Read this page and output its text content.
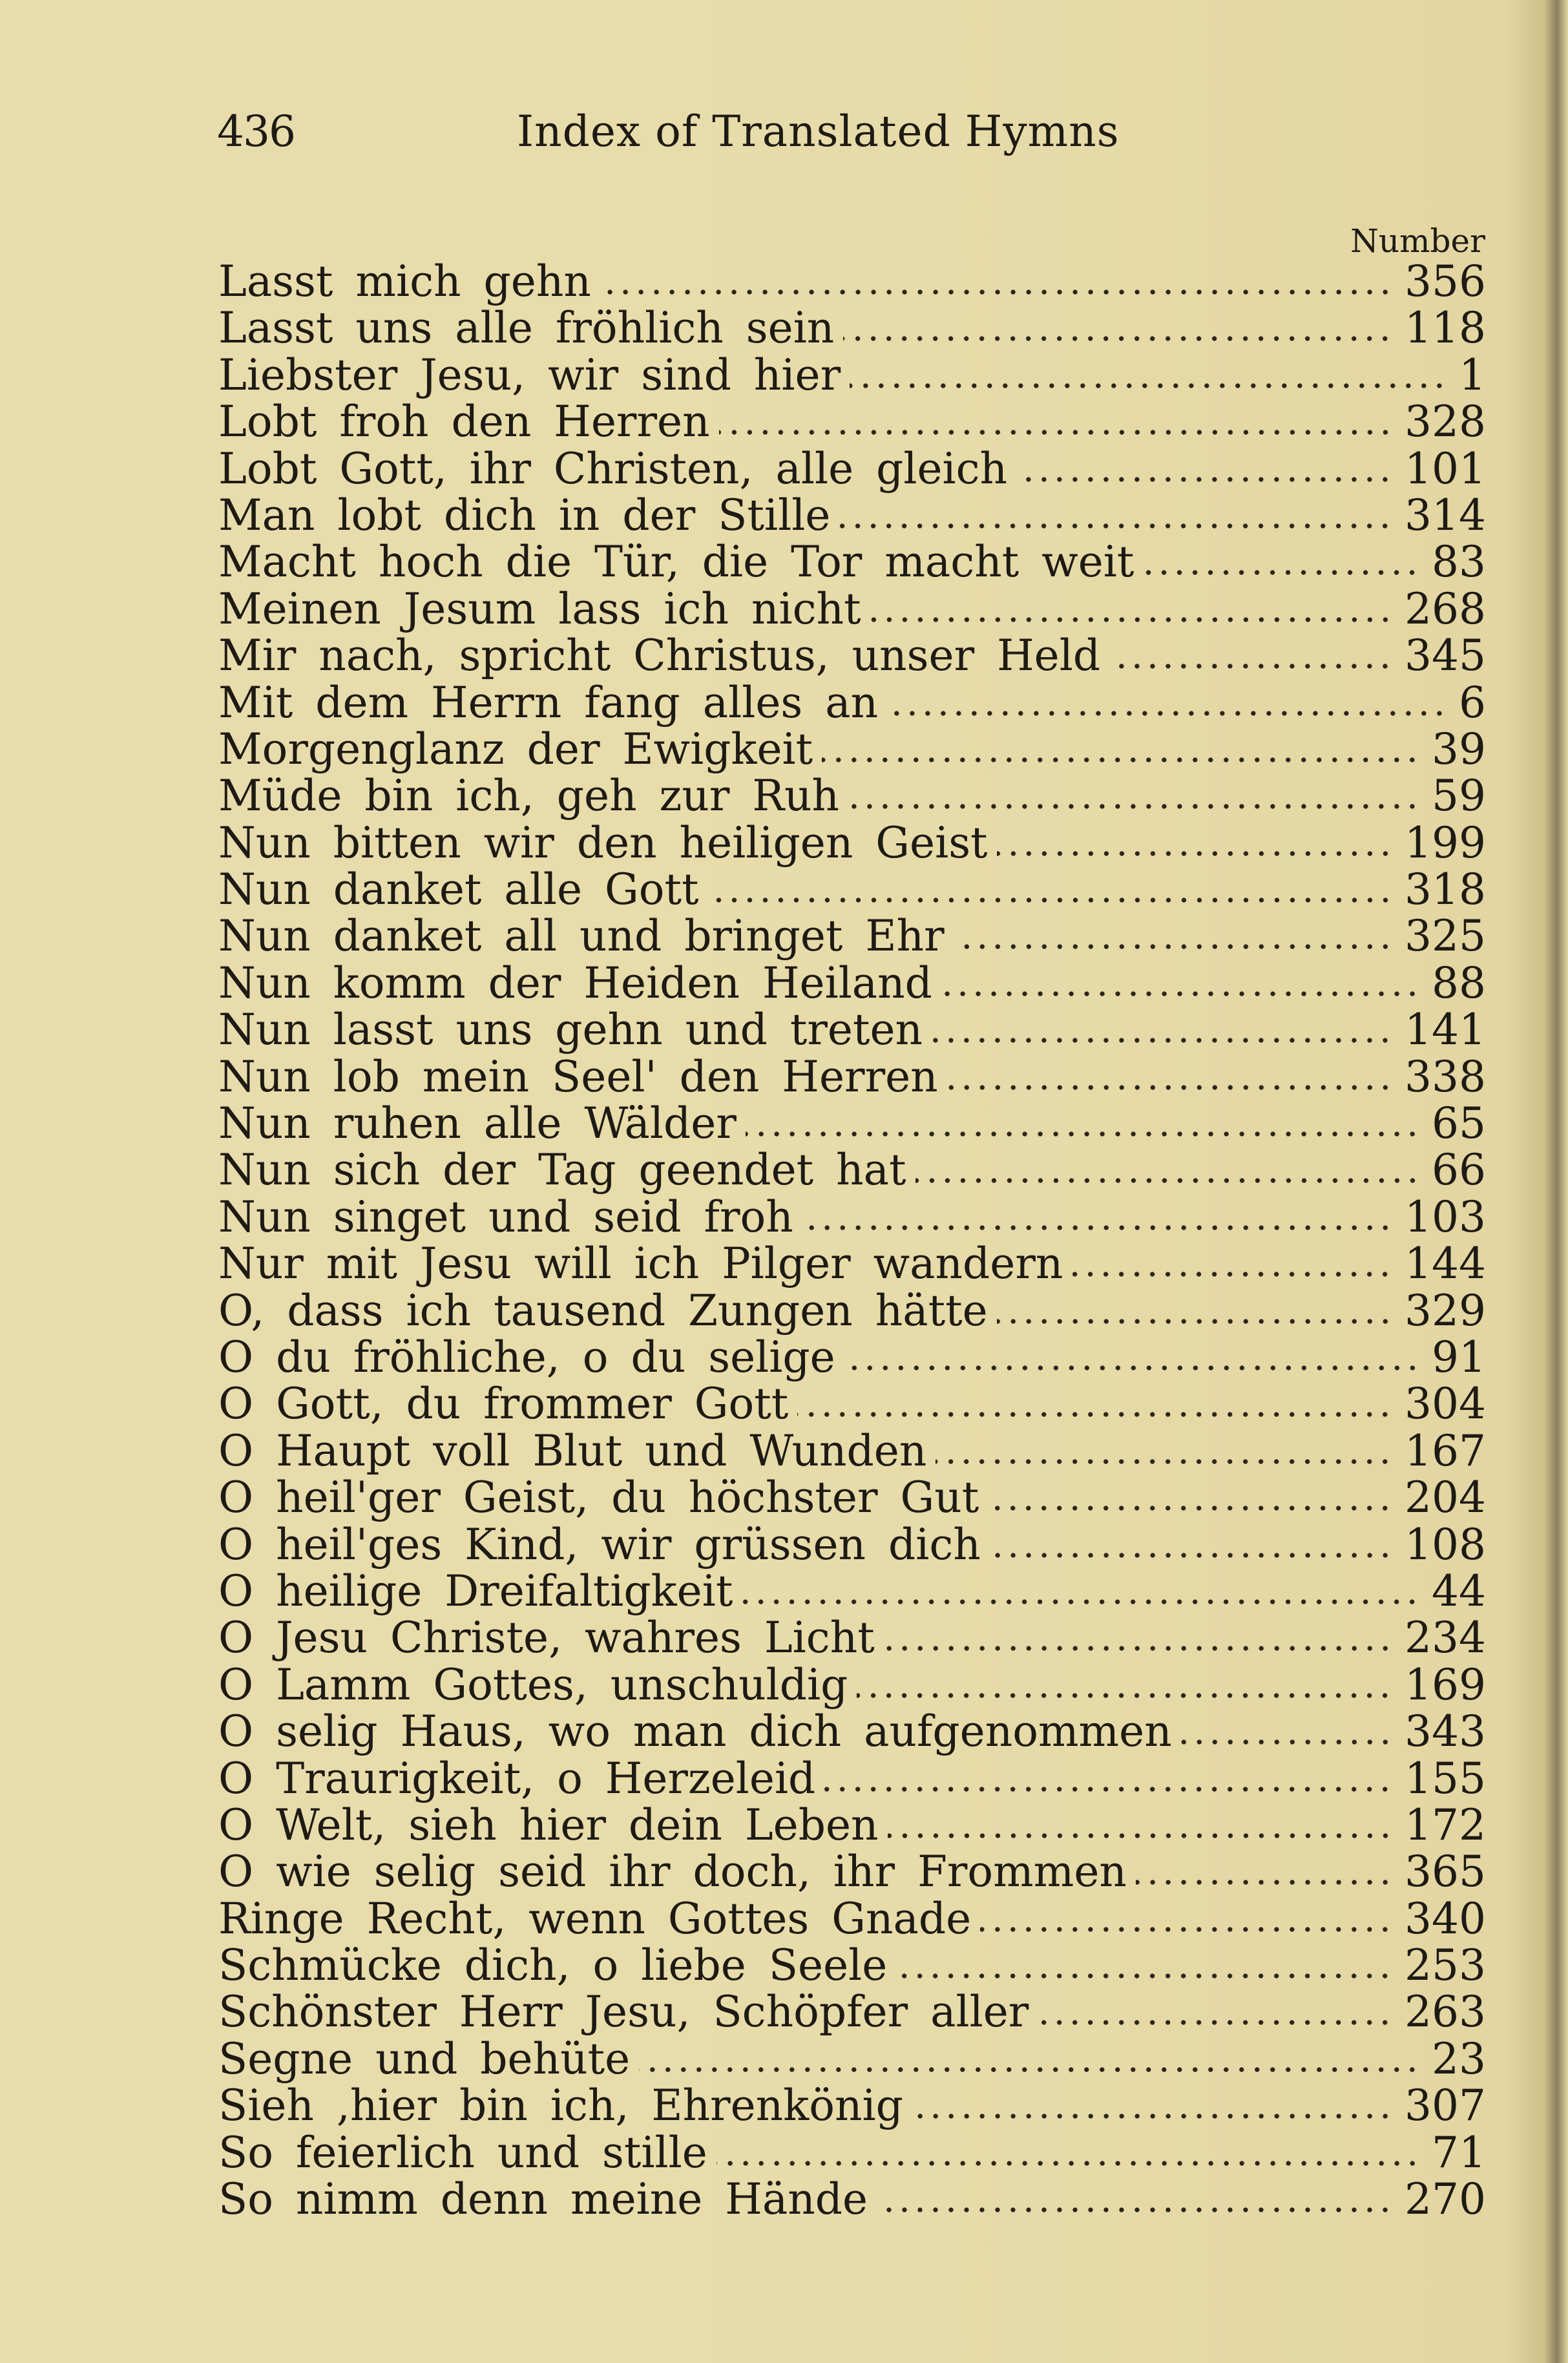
436	Index of Translated Hymns
Number
Lasst mich gehn	356
Lasst uns alle fröhlich sein	118
Liebster Jesu, wir sind hier	1
Lobt froh den Herren	328
Lobt Gott, ihr Christen, alle gleich	101
Man lobt dich in der Stille	314
Macht hoch die Tür, die Tor macht weit	83
Meinen Jesum lass ich nicht	268
Mir nach, spricht Christus, unser Held	345
Mit dem Herrn fang alles an	6
Morgenglanz der Ewigkeit	39
Müde bin ich, geh zur Ruh	59
Nun bitten wir den heiligen Geist	199
Nun danket alle Gott	318
Nun danket all und bringet Ehr	325
Nun komm der Heiden Heiland	88
Nun lasst uns gehn und treten	141
Nun lob mein Seel' den Herren	338
Nun ruhen alle Wälder	65
Nun sich der Tag geendet hat	66
Nun singet und seid froh	103
Nur mit Jesu will ich Pilger wandern	144
O, dass ich tausend Zungen hätte	329
O du fröhliche, o du selige	91
O Gott, du frommer Gott	304
O Haupt voll Blut und Wunden	167
O heil'ger Geist, du höchster Gut	204
O heil'ges Kind, wir grüssen dich	108
O heilige Dreifaltigkeit	44
O Jesu Christe, wahres Licht	234
O Lamm Gottes, unschuldig	169
O selig Haus, wo man dich aufgenommen	343
O Traurigkeit, o Herzeleid	155
O Welt, sieh hier dein Leben	172
O wie selig seid ihr doch, ihr Frommen	365
Ringe Recht, wenn Gottes Gnade	340
Schmücke dich, o liebe Seele	253
Schönster Herr Jesu, Schöpfer aller	263
Segne und behüte	23
Sieh ,hier bin ich, Ehrenkönig	307
So feierlich und stille	71
So nimm denn meine Hände	270
